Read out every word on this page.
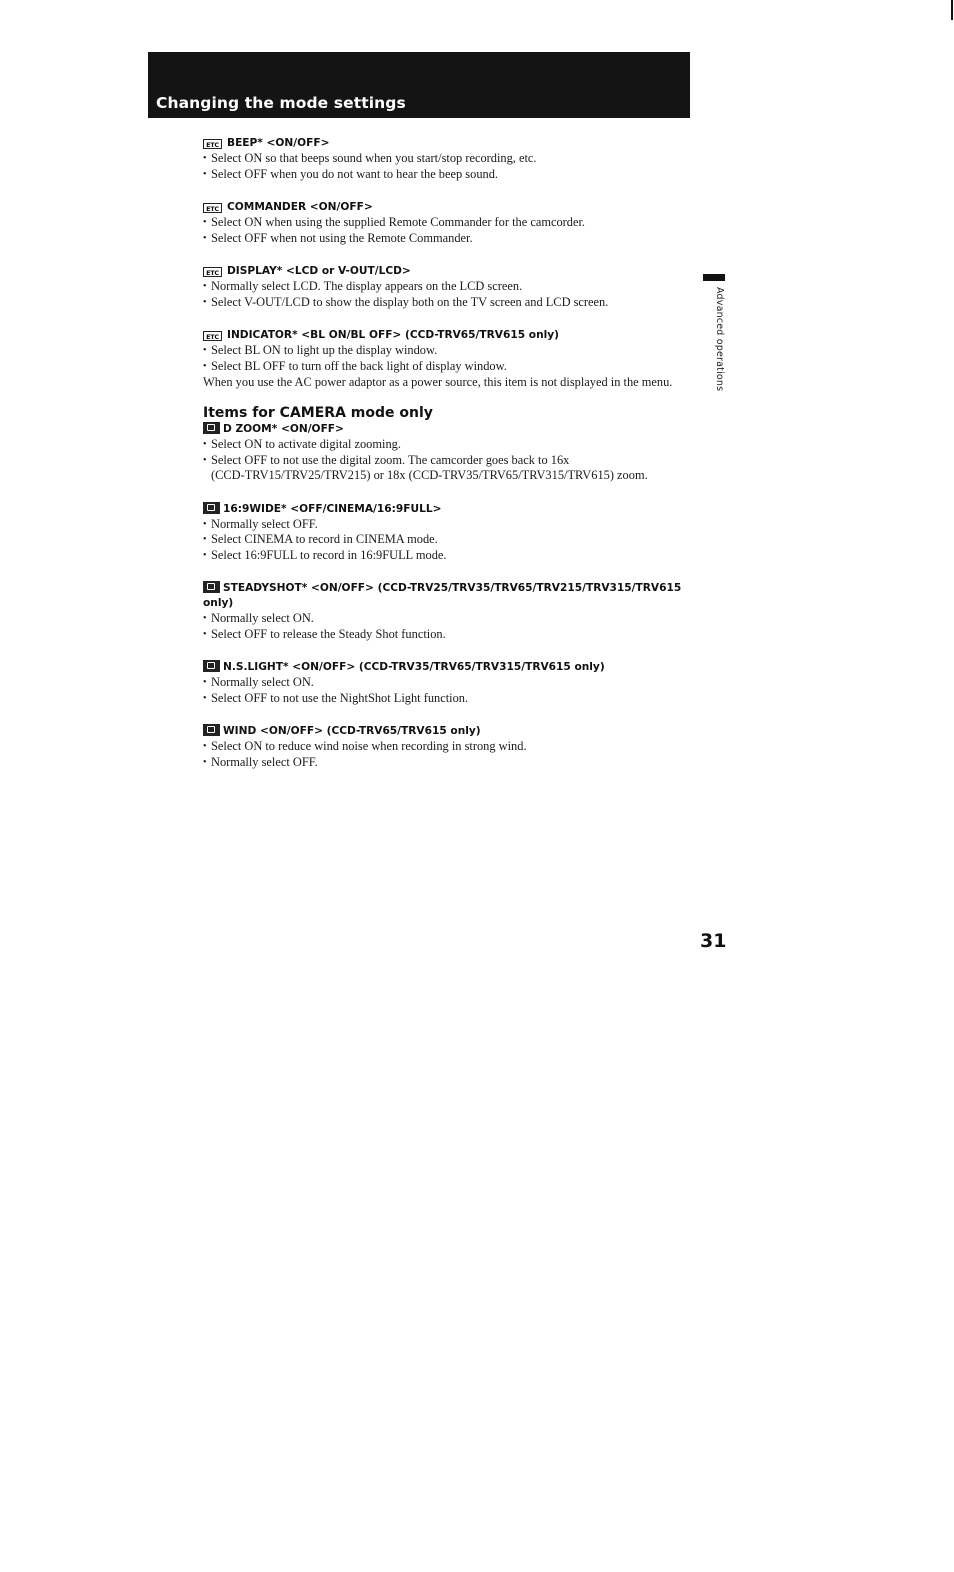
Changing the mode settings
ETC BEEP* <ON/OFF>
• Select ON so that beeps sound when you start/stop recording, etc.
• Select OFF when you do not want to hear the beep sound.
ETC COMMANDER <ON/OFF>
• Select ON when using the supplied Remote Commander for the camcorder.
• Select OFF when not using the Remote Commander.
ETC DISPLAY* <LCD or V-OUT/LCD>
• Normally select LCD. The display appears on the LCD screen.
• Select V-OUT/LCD to show the display both on the TV screen and LCD screen.
ETC INDICATOR* <BL ON/BL OFF> (CCD-TRV65/TRV615 only)
• Select BL ON to light up the display window.
• Select BL OFF to turn off the back light of display window.
When you use the AC power adaptor as a power source, this item is not displayed in the menu.
Items for CAMERA mode only
D ZOOM* <ON/OFF>
• Select ON to activate digital zooming.
• Select OFF to not use the digital zoom. The camcorder goes back to 16x
(CCD-TRV15/TRV25/TRV215) or 18x (CCD-TRV35/TRV65/TRV315/TRV615) zoom.
16:9WIDE* <OFF/CINEMA/16:9FULL>
• Normally select OFF.
• Select CINEMA to record in CINEMA mode.
• Select 16:9FULL to record in 16:9FULL mode.
STEADYSHOT* <ON/OFF> (CCD-TRV25/TRV35/TRV65/TRV215/TRV315/TRV615 only)
• Normally select ON.
• Select OFF to release the Steady Shot function.
N.S.LIGHT* <ON/OFF> (CCD-TRV35/TRV65/TRV315/TRV615 only)
• Normally select ON.
• Select OFF to not use the NightShot Light function.
WIND <ON/OFF> (CCD-TRV65/TRV615 only)
• Select ON to reduce wind noise when recording in strong wind.
• Normally select OFF.
Advanced operations
31
